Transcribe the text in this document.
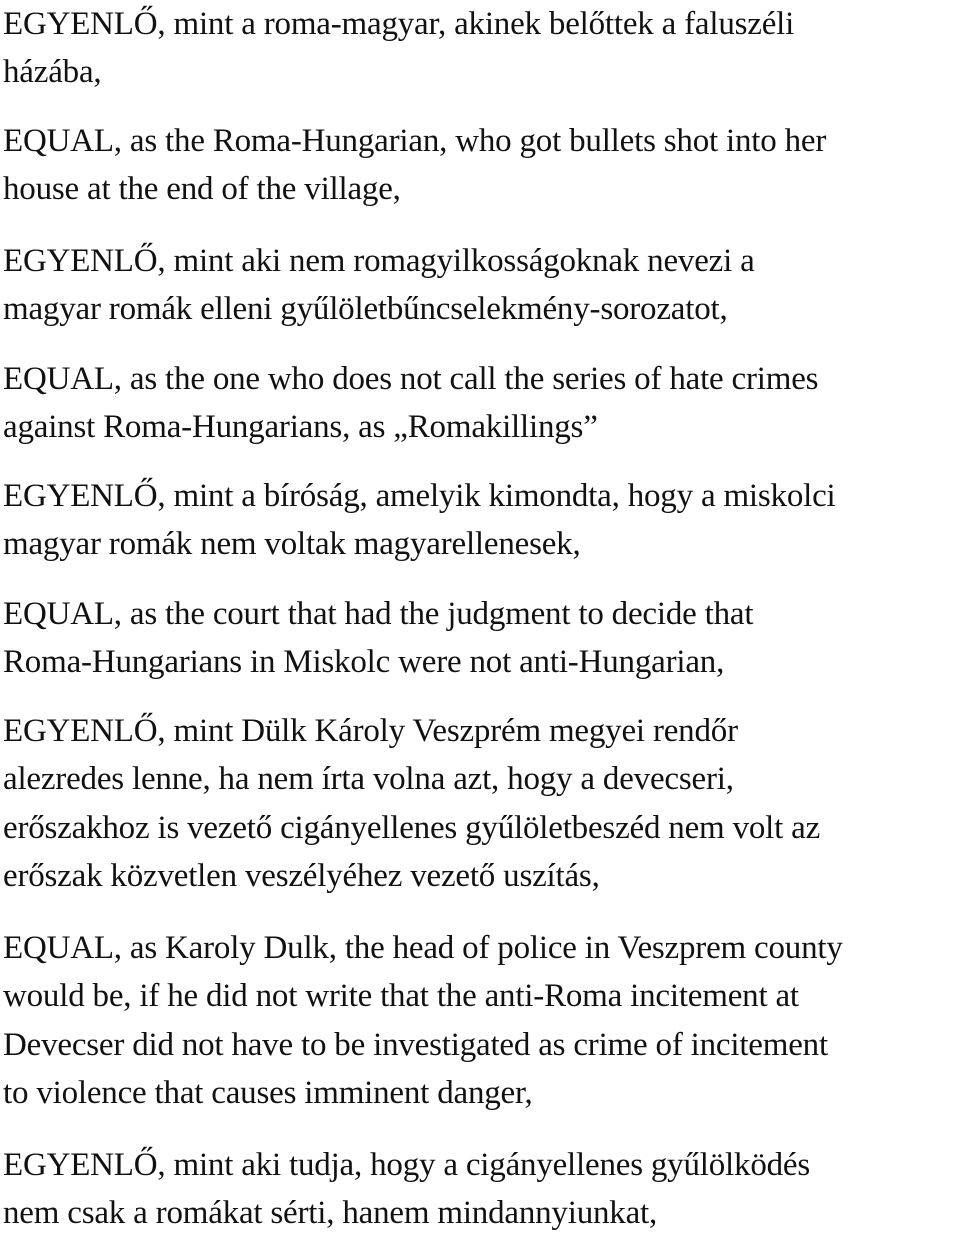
EGYENLŐ, mint a roma-magyar, akinek belőttek a faluszéli
házába,

EQUAL, as the Roma-Hungarian, who got bullets shot into her
house at the end of the village,

EGYENLŐ, mint aki nem romagyilkosságoknak nevezi a
magyar romák elleni gyűlöletbűncselekmény-sorozatot,

EQUAL, as the one who does not call the series of hate crimes
against Roma-Hungarians, as „Romakillings”

EGYENLŐ, mint a bíróság, amelyik kimondta, hogy a miskolci
magyar romák nem voltak magyarellenesek,

EQUAL, as the court that had the judgment to decide that
Roma-Hungarians in Miskolc were not anti-Hungarian,

EGYENLŐ, mint Dülk Károly Veszprém megyei rendőr
alezredes lenne, ha nem írta volna azt, hogy a devecseri,
erőszakhoz is vezető cigányellenes gyűlöletbeszéd nem volt az
erőszak közvetlen veszélyéhez vezető uszítás,

EQUAL, as Karoly Dulk, the head of police in Veszprem county
would be, if he did not write that the anti-Roma incitement at
Devecser did not have to be investigated as crime of incitement
to violence that causes imminent danger,

EGYENLŐ, mint aki tudja, hogy a cigányellenes gyűlölködés
nem csak a romákat sérti, hanem mindannyiunkat,
